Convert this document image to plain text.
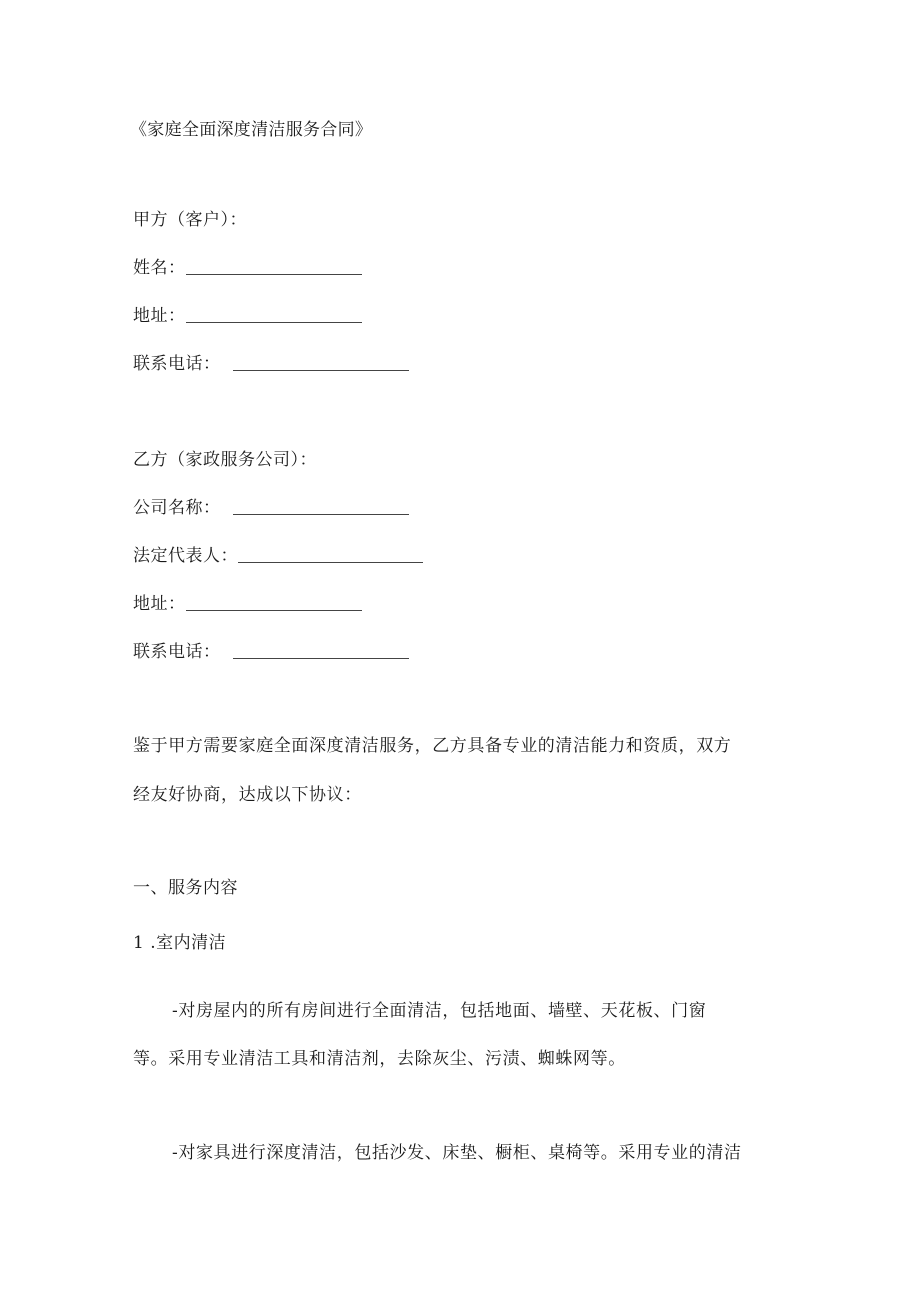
《家庭全面深度清洁服务合同》
甲方（客户）：
姓名：
地址：
联系电话：
乙方（家政服务公司）：
公司名称：
法定代表人：
地址：
联系电话：
鉴于甲方需要家庭全面深度清洁服务，乙方具备专业的清洁能力和资质，双方
经友好协商，达成以下协议：
一、服务内容
1 .室内清洁
-对房屋内的所有房间进行全面清洁，包括地面、墙壁、天花板、门窗
等。采用专业清洁工具和清洁剂，去除灰尘、污渍、蜘蛛网等。
-对家具进行深度清洁，包括沙发、床垫、橱柜、桌椅等。采用专业的清洁
